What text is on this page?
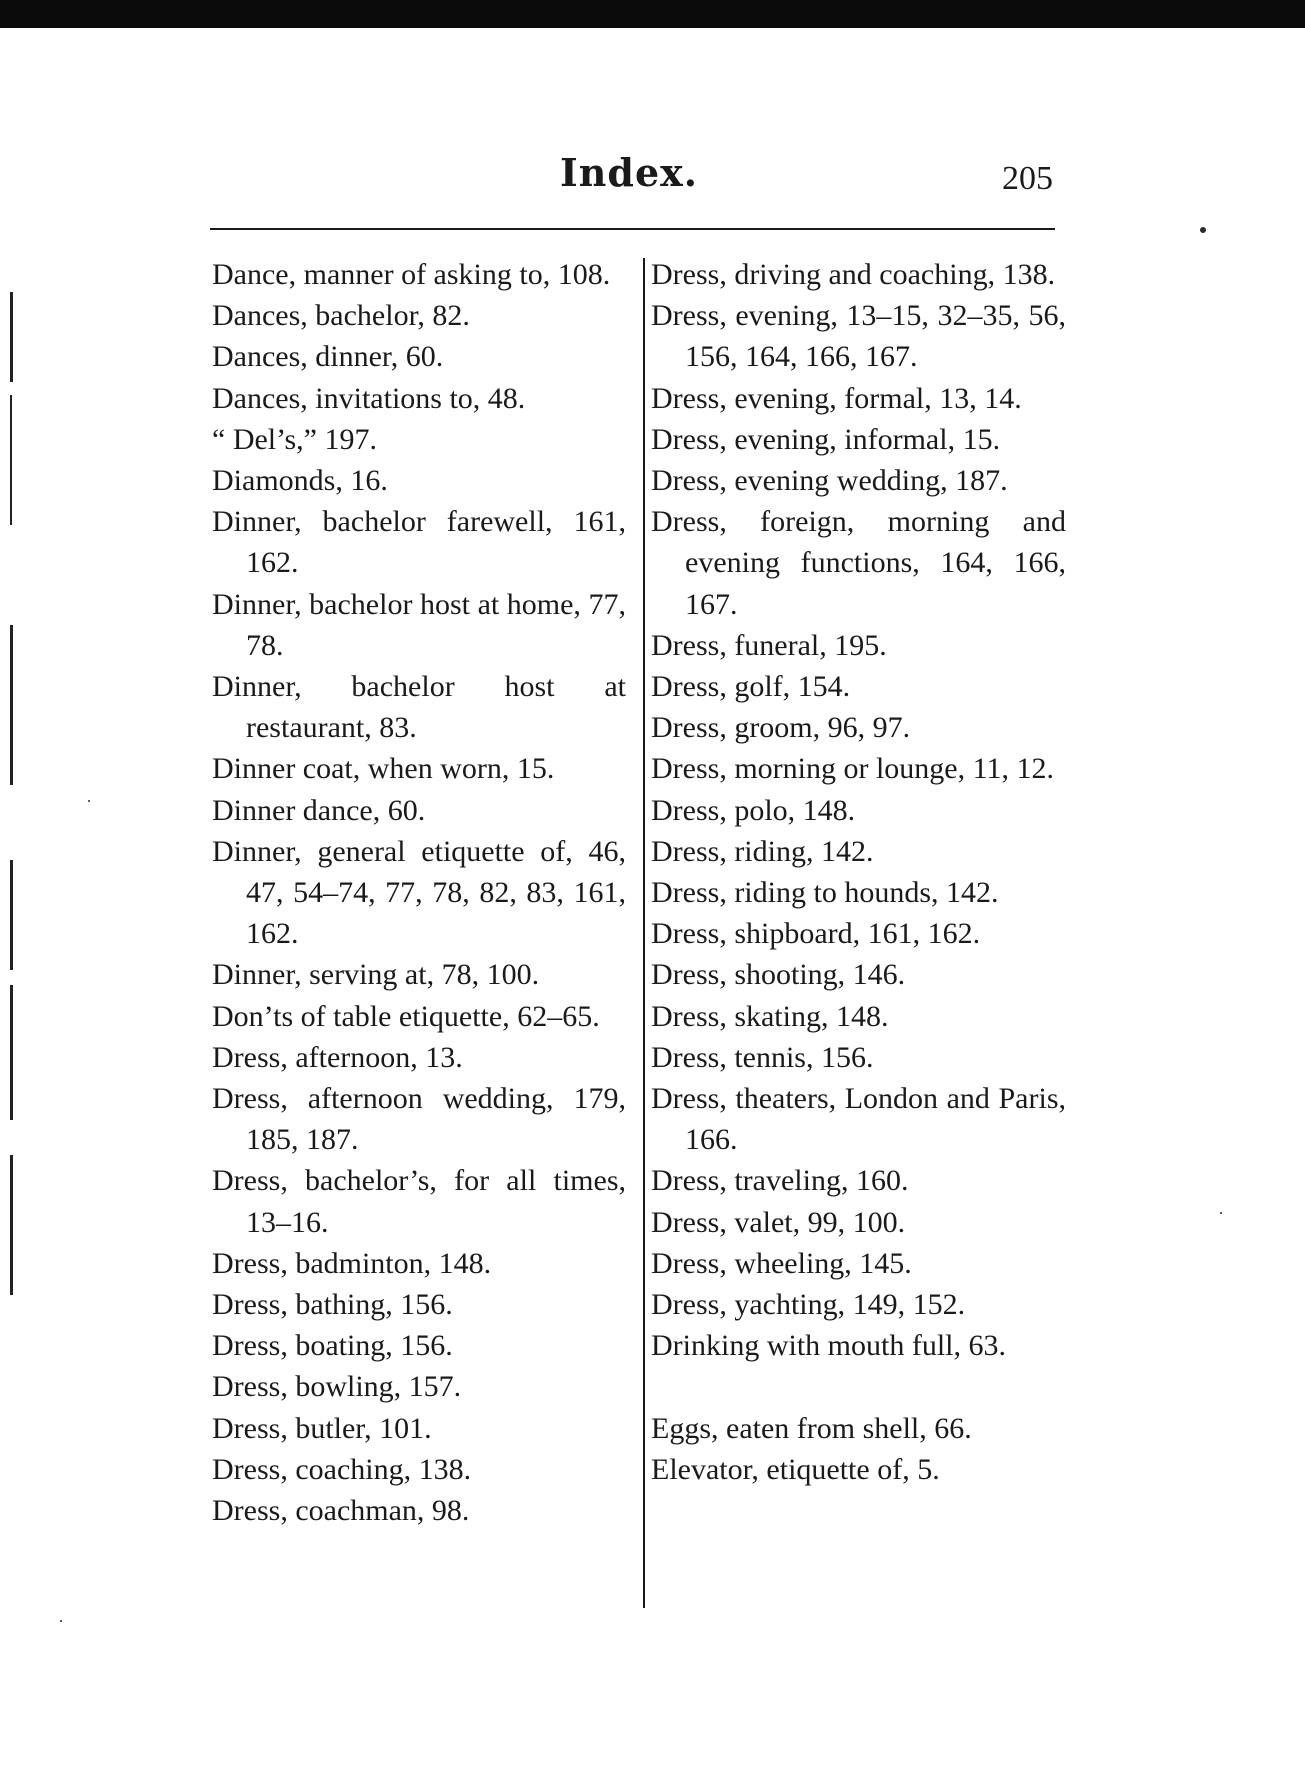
Index.	205
Dance, manner of asking to, 108.
Dances, bachelor, 82.
Dances, dinner, 60.
Dances, invitations to, 48.
“ Del’s,” 197.
Diamonds, 16.
Dinner, bachelor farewell, 161, 162.
Dinner, bachelor host at home, 77, 78.
Dinner, bachelor host at restaurant, 83.
Dinner coat, when worn, 15.
Dinner dance, 60.
Dinner, general etiquette of, 46, 47, 54–74, 77, 78, 82, 83, 161, 162.
Dinner, serving at, 78, 100.
Don’ts of table etiquette, 62–65.
Dress, afternoon, 13.
Dress, afternoon wedding, 179, 185, 187.
Dress, bachelor’s, for all times, 13–16.
Dress, badminton, 148.
Dress, bathing, 156.
Dress, boating, 156.
Dress, bowling, 157.
Dress, butler, 101.
Dress, coaching, 138.
Dress, coachman, 98.
Dress, driving and coaching, 138.
Dress, evening, 13–15, 32–35, 56, 156, 164, 166, 167.
Dress, evening, formal, 13, 14.
Dress, evening, informal, 15.
Dress, evening wedding, 187.
Dress, foreign, morning and evening functions, 164, 166, 167.
Dress, funeral, 195.
Dress, golf, 154.
Dress, groom, 96, 97.
Dress, morning or lounge, 11, 12.
Dress, polo, 148.
Dress, riding, 142.
Dress, riding to hounds, 142.
Dress, shipboard, 161, 162.
Dress, shooting, 146.
Dress, skating, 148.
Dress, tennis, 156.
Dress, theaters, London and Paris, 166.
Dress, traveling, 160.
Dress, valet, 99, 100.
Dress, wheeling, 145.
Dress, yachting, 149, 152.
Drinking with mouth full, 63.
Eggs, eaten from shell, 66.
Elevator, etiquette of, 5.
